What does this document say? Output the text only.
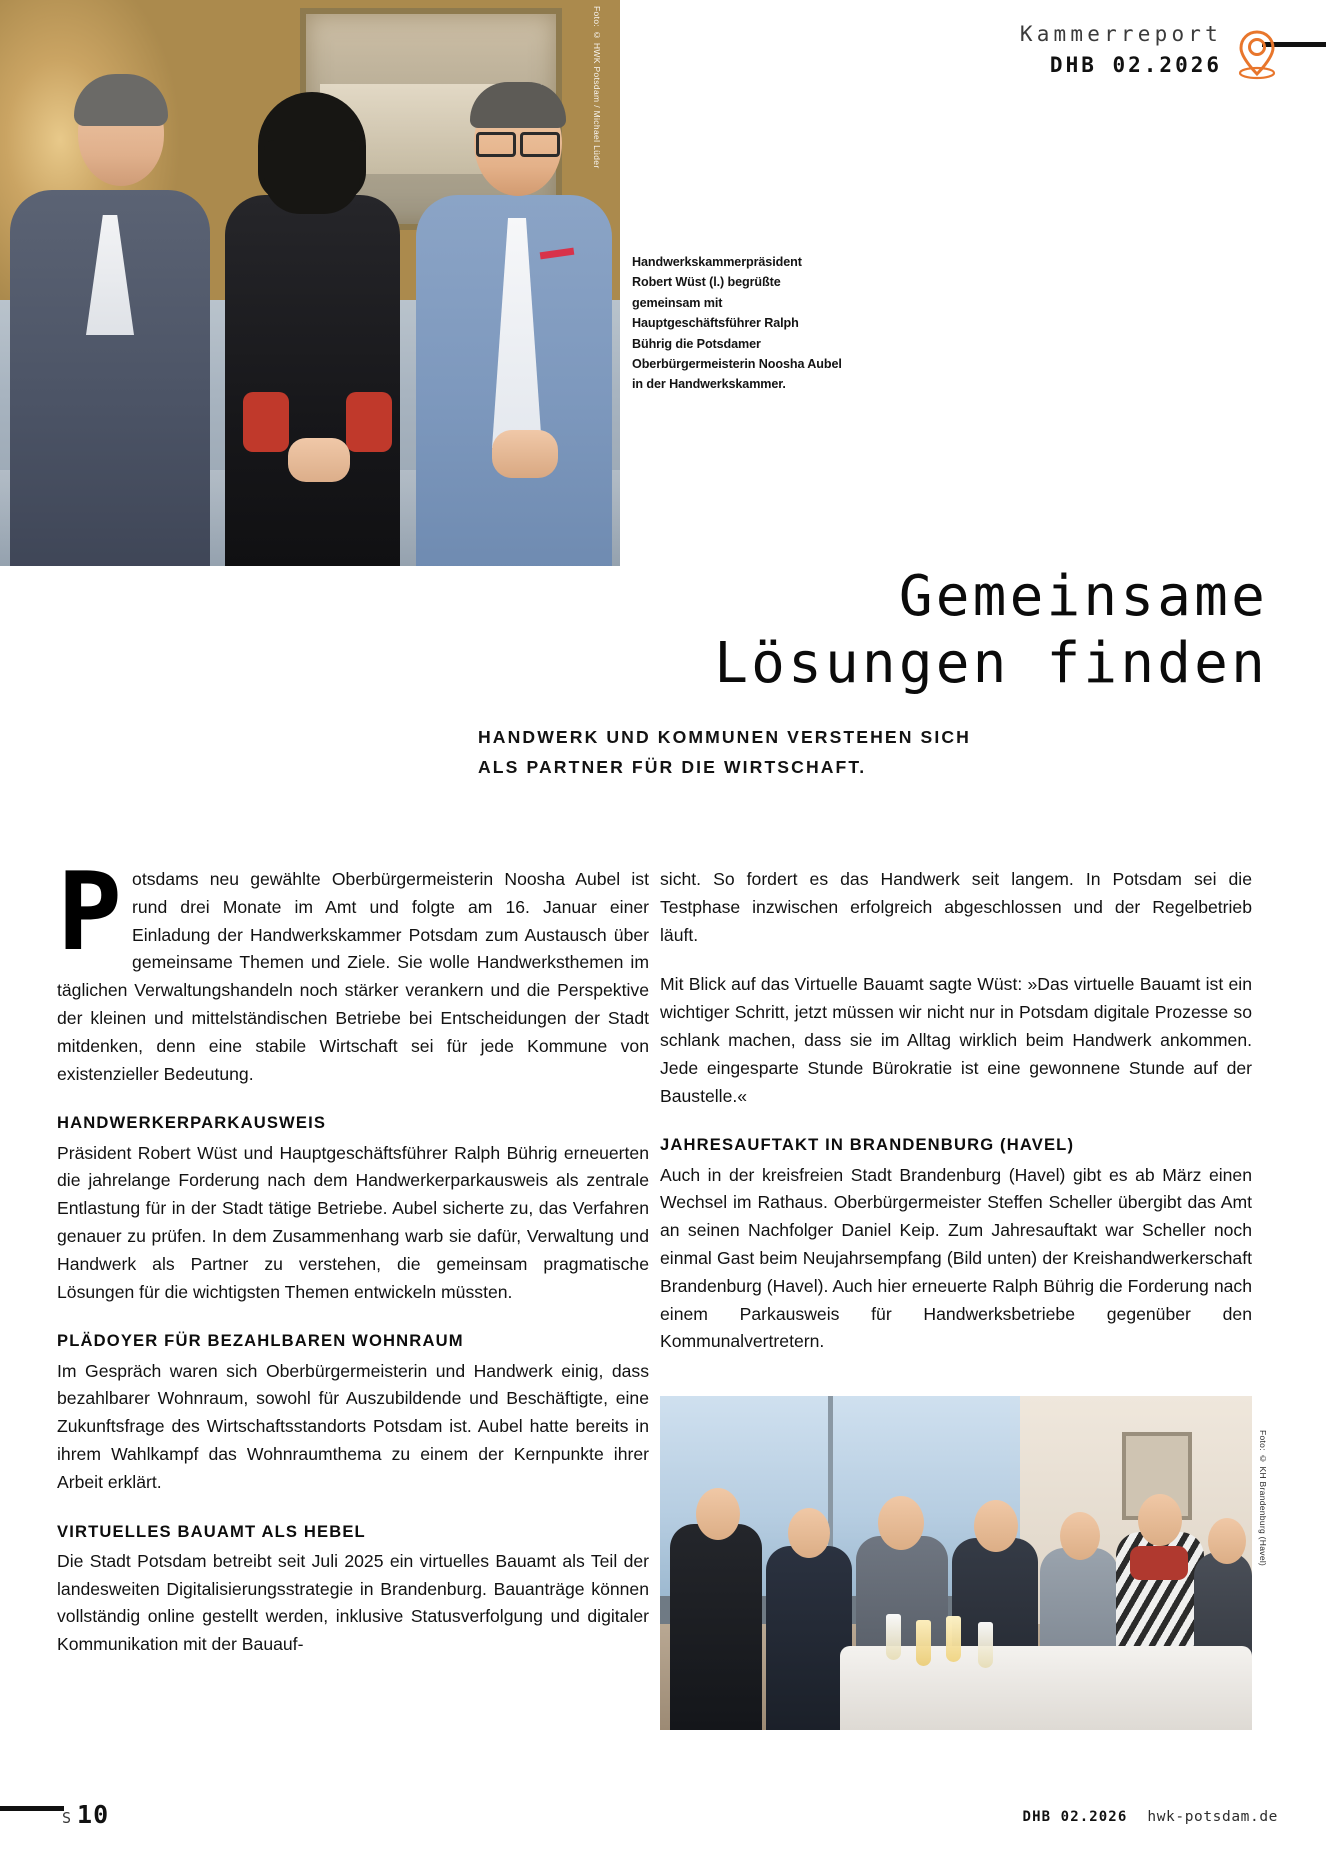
Kammerreport
DHB 02.2026
Foto: © HWK Potsdam / Michael Lüder
Handwerkskammerpräsident Robert Wüst (l.) begrüßte gemeinsam mit Hauptgeschäftsführer Ralph Bührig die Potsdamer Oberbürgermeisterin Noosha Aubel in der Handwerkskammer.
Gemeinsame
Lösungen finden
HANDWERK UND KOMMUNEN VERSTEHEN SICH
ALS PARTNER FÜR DIE WIRTSCHAFT.

Potsdams neu gewählte Oberbürgermeisterin Noosha Aubel ist rund drei Monate im Amt und folgte am 16. Januar einer Einladung der Handwerkskammer Potsdam zum Austausch über gemeinsame Themen und Ziele. Sie wolle Handwerksthemen im täglichen Verwaltungshandeln noch stärker verankern und die Perspektive der kleinen und mittelständischen Betriebe bei Entscheidungen der Stadt mitdenken, denn eine stabile Wirtschaft sei für jede Kommune von existenzieller Bedeutung.

HANDWERKERPARKAUSWEIS

Präsident Robert Wüst und Hauptgeschäftsführer Ralph Bührig erneuerten die jahrelange Forderung nach dem Handwerkerparkausweis als zentrale Entlastung für in der Stadt tätige Betriebe. Aubel sicherte zu, das Verfahren genauer zu prüfen. In dem Zusammenhang warb sie dafür, Verwaltung und Handwerk als Partner zu verstehen, die gemeinsam pragmatische Lösungen für die wichtigsten Themen entwickeln müssten.

PLÄDOYER FÜR BEZAHLBAREN WOHNRAUM

Im Gespräch waren sich Oberbürgermeisterin und Handwerk einig, dass bezahlbarer Wohnraum, sowohl für Auszubildende und Beschäftigte, eine Zukunftsfrage des Wirtschaftsstandorts Potsdam ist. Aubel hatte bereits in ihrem Wahlkampf das Wohnraumthema zu einem der Kernpunkte ihrer Arbeit erklärt.

VIRTUELLES BAUAMT ALS HEBEL

Die Stadt Potsdam betreibt seit Juli 2025 ein virtuelles Bauamt als Teil der landesweiten Digitalisierungsstrategie in Brandenburg. Bauanträge können vollständig online gestellt werden, inklusive Statusverfolgung und digitaler Kommunikation mit der Bauauf-

sicht. So fordert es das Handwerk seit langem. In Potsdam sei die Testphase inzwischen erfolgreich abgeschlossen und der Regelbetrieb läuft.

Mit Blick auf das Virtuelle Bauamt sagte Wüst: »Das virtuelle Bauamt ist ein wichtiger Schritt, jetzt müssen wir nicht nur in Potsdam digitale Prozesse so schlank machen, dass sie im Alltag wirklich beim Handwerk ankommen. Jede eingesparte Stunde Bürokratie ist eine gewonnene Stunde auf der Baustelle.«

JAHRESAUFTAKT IN BRANDENBURG (HAVEL)

Auch in der kreisfreien Stadt Brandenburg (Havel) gibt es ab März einen Wechsel im Rathaus. Oberbürgermeister Steffen Scheller übergibt das Amt an seinen Nachfolger Daniel Keip. Zum Jahresauftakt war Scheller noch einmal Gast beim Neujahrsempfang (Bild unten) der Kreishandwerkerschaft Brandenburg (Havel). Auch hier erneuerte Ralph Bührig die Forderung nach einem Parkausweis für Handwerksbetriebe gegenüber den Kommunalvertretern.

Foto: © KH Brandenburg (Havel)
S 10	DHB 02.2026 hwk-potsdam.de
